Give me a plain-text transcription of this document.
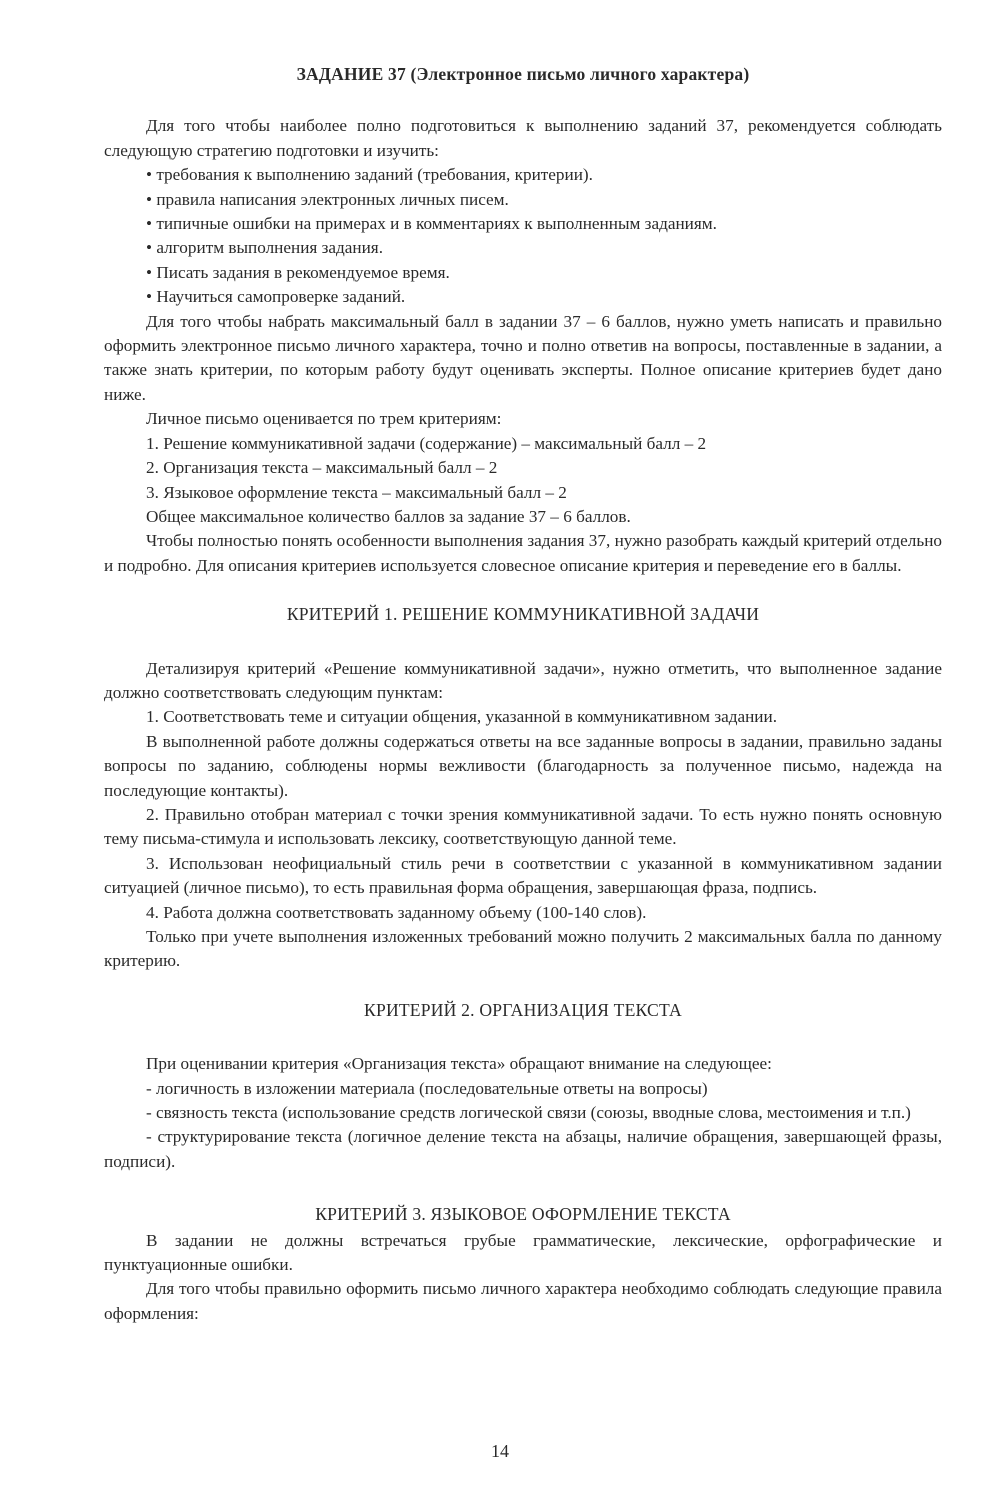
ЗАДАНИЕ 37 (Электронное письмо личного характера)

Для того чтобы наиболее полно подготовиться к выполнению заданий 37, рекомендуется соблюдать следующую стратегию подготовки и изучить:

• требования к выполнению заданий (требования, критерии).
• правила написания электронных личных писем.
• типичные ошибки на примерах и в комментариях к выполненным заданиям.
• алгоритм выполнения задания.
• Писать задания в рекомендуемое время.
• Научиться самопроверке заданий.

Для того чтобы набрать максимальный балл в задании 37 – 6 баллов, нужно уметь написать и правильно оформить электронное письмо личного характера, точно и полно ответив на вопросы, поставленные в задании, а также знать критерии, по которым работу будут оценивать эксперты. Полное описание критериев будет дано ниже.

Личное письмо оценивается по трем критериям:

1. Решение коммуникативной задачи (содержание) – максимальный балл – 2

2. Организация текста – максимальный балл – 2

3. Языковое оформление текста – максимальный балл – 2

Общее максимальное количество баллов за задание 37 – 6 баллов.

Чтобы полностью понять особенности выполнения задания 37, нужно разобрать каждый критерий отдельно и подробно. Для описания критериев используется словесное описание критерия и переведение его в баллы.

КРИТЕРИЙ 1. РЕШЕНИЕ КОММУНИКАТИВНОЙ ЗАДАЧИ

Детализируя критерий «Решение коммуникативной задачи», нужно отметить, что выполненное задание должно соответствовать следующим пунктам:

1. Соответствовать теме и ситуации общения, указанной в коммуникативном задании.

В выполненной работе должны содержаться ответы на все заданные вопросы в задании, правильно заданы вопросы по заданию, соблюдены нормы вежливости (благодарность за полученное письмо, надежда на последующие контакты).

2. Правильно отобран материал с точки зрения коммуникативной задачи. То есть нужно понять основную тему письма-стимула и использовать лексику, соответствующую данной теме.

3. Использован неофициальный стиль речи в соответствии с указанной в коммуникативном задании ситуацией (личное письмо), то есть правильная форма обращения, завершающая фраза, подпись.

4. Работа должна соответствовать заданному объему (100-140 слов).

Только при учете выполнения изложенных требований можно получить 2 максимальных балла по данному критерию.

КРИТЕРИЙ 2. ОРГАНИЗАЦИЯ ТЕКСТА

При оценивании критерия «Организация текста» обращают внимание на следующее:

- логичность в изложении материала (последовательные ответы на вопросы)

- связность текста (использование средств логической связи (союзы, вводные слова, местоимения и т.п.)

- структурирование текста (логичное деление текста на абзацы, наличие обращения, завершающей фразы, подписи).

КРИТЕРИЙ 3. ЯЗЫКОВОЕ ОФОРМЛЕНИЕ ТЕКСТА

В задании не должны встречаться грубые грамматические, лексические, орфографические и пунктуационные ошибки.

Для того чтобы правильно оформить письмо личного характера необходимо соблюдать следующие правила оформления:

14
